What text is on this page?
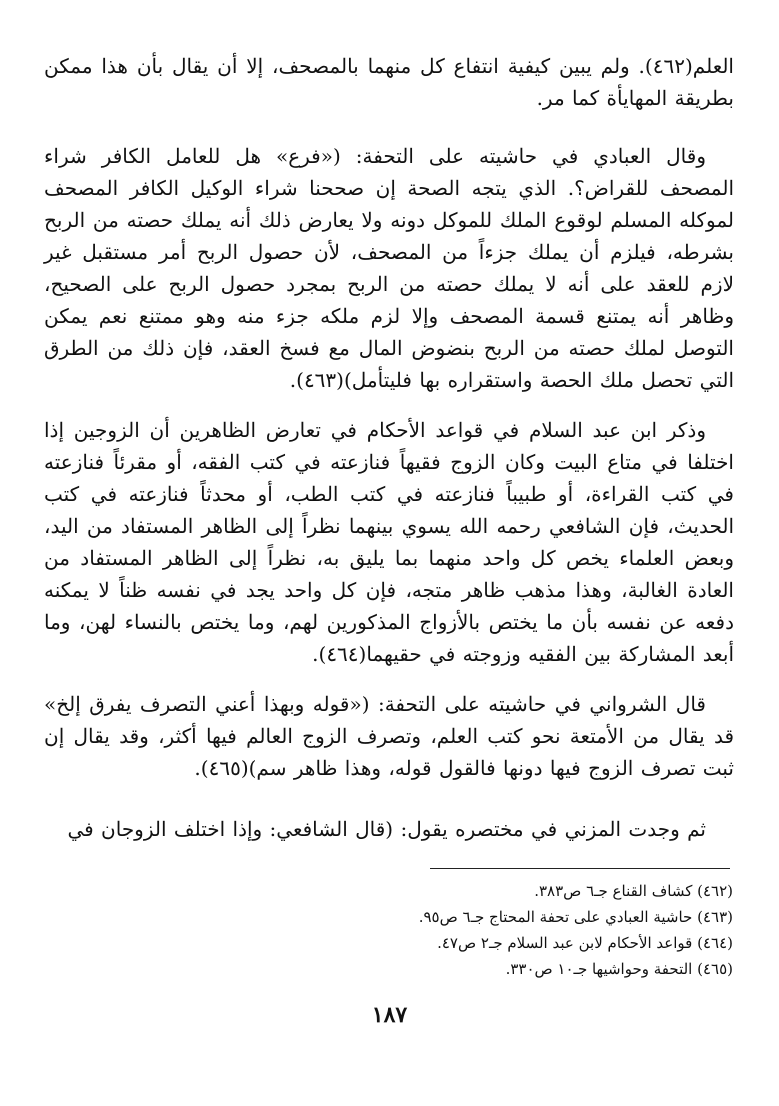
العلم(٤٦٢). ولم يبين كيفية انتفاع كل منهما بالمصحف، إلا أن يقال بأن هذا ممكن بطريقة المهايأة كما مر.
وقال العبادي في حاشيته على التحفة: («فرع» هل للعامل الكافر شراء المصحف للقراض؟. الذي يتجه الصحة إن صححنا شراء الوكيل الكافر المصحف لموكله المسلم لوقوع الملك للموكل دونه ولا يعارض ذلك أنه يملك حصته من الربح بشرطه، فيلزم أن يملك جزءاً من المصحف، لأن حصول الربح أمر مستقبل غير لازم للعقد على أنه لا يملك حصته من الربح بمجرد حصول الربح على الصحيح، وظاهر أنه يمتنع قسمة المصحف وإلا لزم ملكه جزء منه وهو ممتنع نعم يمكن التوصل لملك حصته من الربح بنضوض المال مع فسخ العقد، فإن ذلك من الطرق التي تحصل ملك الحصة واستقراره بها فليتأمل)(٤٦٣).
وذكر ابن عبد السلام في قواعد الأحكام في تعارض الظاهرين أن الزوجين إذا اختلفا في متاع البيت وكان الزوج فقيهاً فنازعته في كتب الفقه، أو مقرئاً فنازعته في كتب القراءة، أو طبيباً فنازعته في كتب الطب، أو محدثاً فنازعته في كتب الحديث، فإن الشافعي رحمه الله يسوي بينهما نظراً إلى الظاهر المستفاد من اليد، وبعض العلماء يخص كل واحد منهما بما يليق به، نظراً إلى الظاهر المستفاد من العادة الغالبة، وهذا مذهب ظاهر متجه، فإن كل واحد يجد في نفسه ظناً لا يمكنه دفعه عن نفسه بأن ما يختص بالأزواج المذكورين لهم، وما يختص بالنساء لهن، وما أبعد المشاركة بين الفقيه وزوجته في حقيهما(٤٦٤).
قال الشرواني في حاشيته على التحفة: («قوله وبهذا أعني التصرف يفرق إلخ» قد يقال من الأمتعة نحو كتب العلم، وتصرف الزوج العالم فيها أكثر، وقد يقال إن ثبت تصرف الزوج فيها دونها فالقول قوله، وهذا ظاهر سم)(٤٦٥).
ثم وجدت المزني في مختصره يقول: (قال الشافعي: وإذا اختلف الزوجان في
(٤٦٢) كشاف القناع جـ٦ ص٣٨٣.
(٤٦٣) حاشية العبادي على تحفة المحتاج جـ٦ ص٩٥.
(٤٦٤) قواعد الأحكام لابن عبد السلام جـ٢ ص٤٧.
(٤٦٥) التحفة وحواشيها جـ١٠ ص٣٣٠.
١٨٧
